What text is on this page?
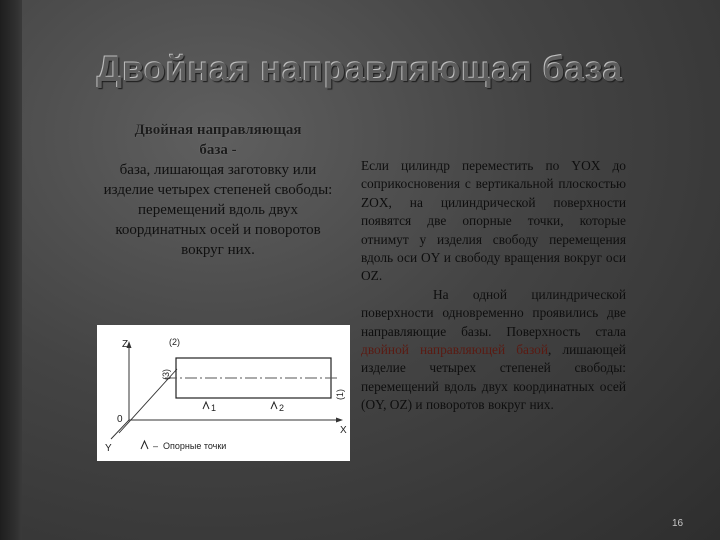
Двойная направляющая база
Двойная направляющая
база -
база, лишающая заготовку или изделие четырех степеней свободы: перемещений вдоль двух координатных осей и поворотов вокруг них.
Z
X
Y
0
(2)
(3)
(1)
1	2
– Опорные точки

Если цилиндр переместить по YOX до соприкосновения с вертикальной плоскостью ZOX, на цилиндрической поверхности появятся две опорные точки, которые отнимут у изделия свободу перемещения вдоль оси OY и свободу вращения вокруг оси OZ.

На одной цилиндрической поверхности одновременно проявились две направляющие базы. Поверхность стала двойной направляющей базой, лишающей изделие четырех степеней свободы: перемещений вдоль двух координатных осей (OY, OZ) и поворотов вокруг них.

16
